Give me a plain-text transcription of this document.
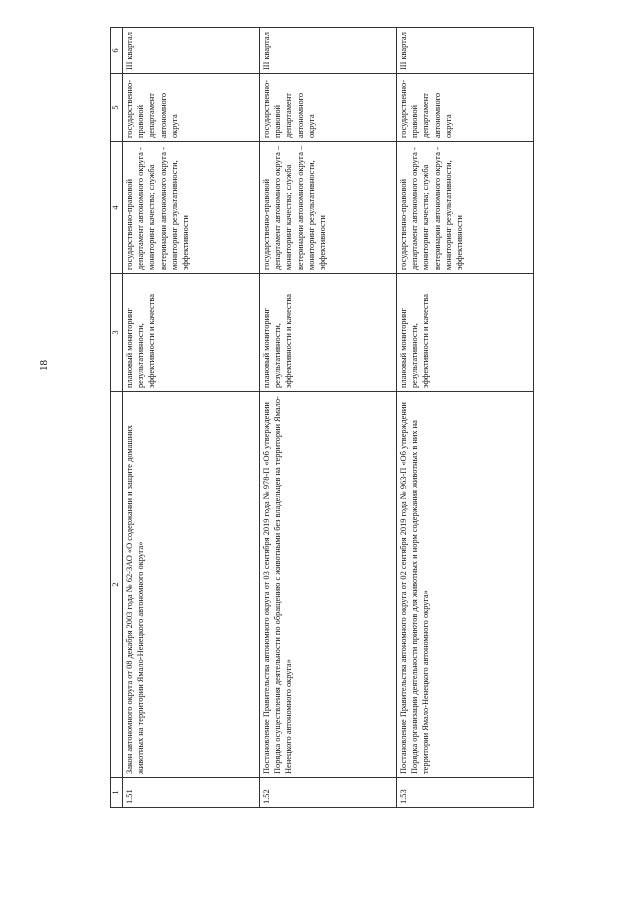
18
1	2	3	4	5	6
1.51	Закон автономного округа от 08 декабря 2003 года № 62-ЗАО «О содержании и защите домашних животных на территории Ямало-Ненецкого автономного округа»	плановый мониторинг результативности, эффективности и качества	государственно-правовой департамент автономного округа - мониторинг качества; служба ветеринарии автономного округа - мониторинг результативности, эффективности	государственно-правовой департамент автономного округа	III квартал
1.52	Постановление Правительства автономного округа от 03 сентября 2019 года № 978-П «Об утверждении Порядка осуществления деятельности по обращению с животными без владельцев на территории Ямало-Ненецкого автономного округа»	плановый мониторинг результативности, эффективности и качества	государственно-правовой департамент автономного округа – мониторинг качества; служба ветеринарии автономного округа – мониторинг результативности, эффективности	государственно-правовой департамент автономного округа	III квартал
1.53	Постановление Правительства автономного округа от 02 сентября 2019 года № 963-П «Об утверждении Порядка организации деятельности приютов для животных и норм содержания животных в них на территории Ямало-Ненецкого автономного округа»	плановый мониторинг результативности, эффективности и качества	государственно-правовой департамент автономного округа - мониторинг качества; служба ветеринарии автономного округа - мониторинг результативности, эффективности	государственно-правовой департамент автономного округа	III квартал
